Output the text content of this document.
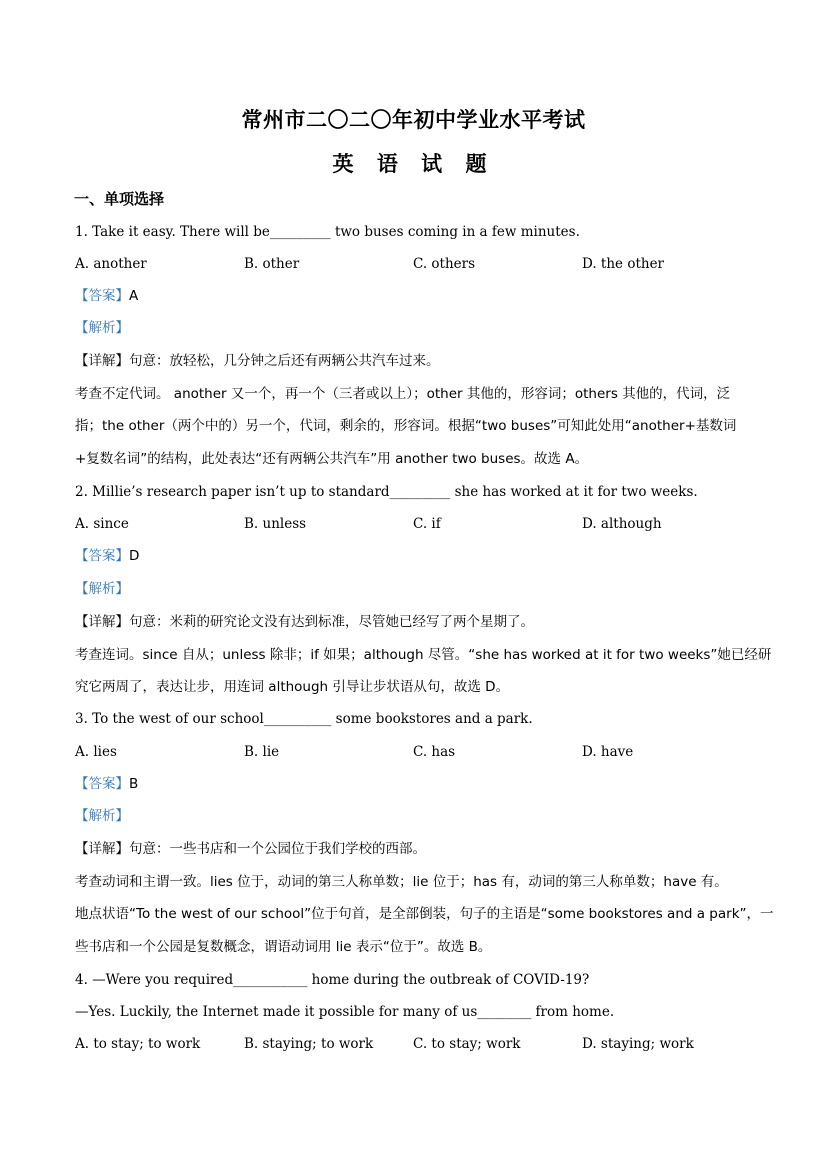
常州市二〇二〇年初中学业水平考试
英 语 试 题
一、单项选择
1. Take it easy. There will be_________ two buses coming in a few minutes.
A. another	B. other	C. others	D. the other
【答案】A
【解析】
【详解】句意：放轻松，几分钟之后还有两辆公共汽车过来。
考查不定代词。 another 又一个，再一个（三者或以上）；other 其他的，形容词；others 其他的，代词，泛
指；the other（两个中的）另一个，代词，剩余的，形容词。根据“two buses”可知此处用“another+基数词
+复数名词”的结构，此处表达“还有两辆公共汽车”用 another two buses。故选 A。
2. Millie’s research paper isn’t up to standard_________ she has worked at it for two weeks.
A. since	B. unless	C. if	D. although
【答案】D
【解析】
【详解】句意：米莉的研究论文没有达到标准，尽管她已经写了两个星期了。
考查连词。since 自从；unless 除非；if 如果；although 尽管。“she has worked at it for two weeks”她已经研
究它两周了，表达让步，用连词 although 引导让步状语从句，故选 D。
3. To the west of our school__________ some bookstores and a park.
A. lies	B. lie	C. has	D. have
【答案】B
【解析】
【详解】句意：一些书店和一个公园位于我们学校的西部。
考查动词和主谓一致。lies 位于，动词的第三人称单数；lie 位于；has 有，动词的第三人称单数；have 有。
地点状语“To the west of our school”位于句首，是全部倒装，句子的主语是“some bookstores and a park”，一
些书店和一个公园是复数概念，谓语动词用 lie 表示“位于”。故选 B。
4. —Were you required___________ home during the outbreak of COVID-19?
—Yes. Luckily, the Internet made it possible for many of us________ from home.
A. to stay; to work	B. staying; to work	C. to stay; work	D. staying; work
